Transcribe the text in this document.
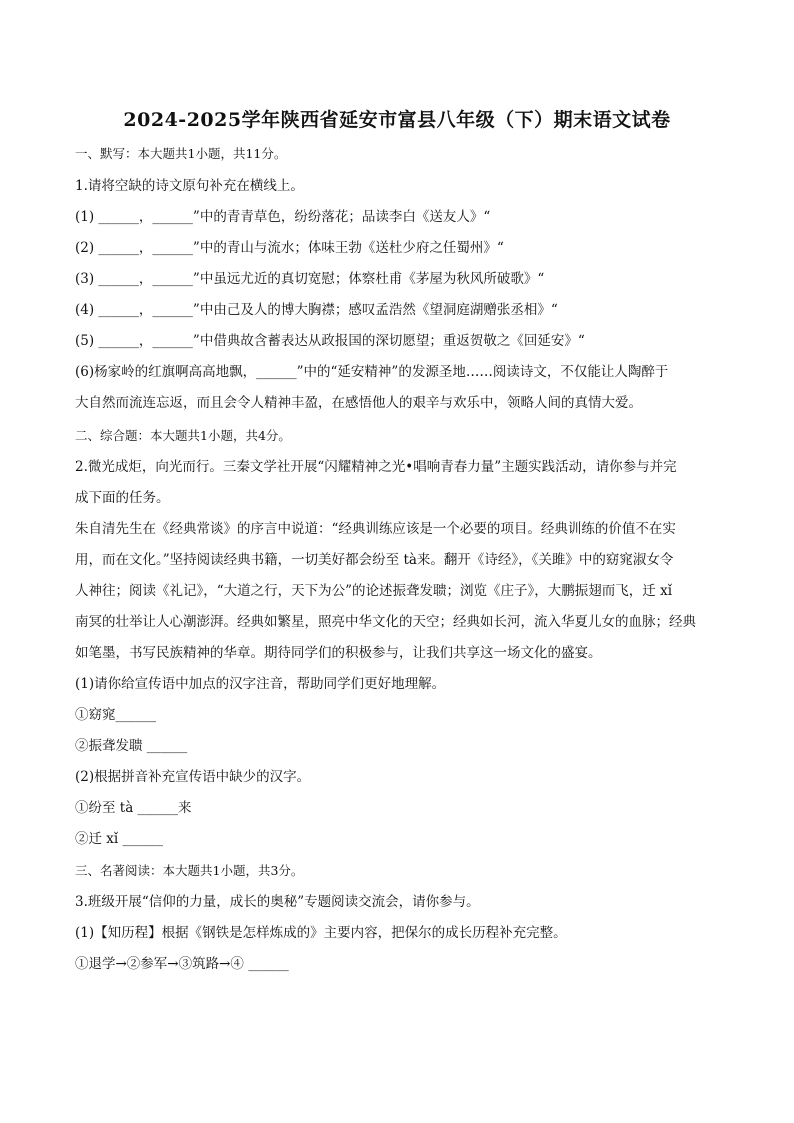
2024-2025学年陕西省延安市富县八年级（下）期末语文试卷
一、默写：本大题共1小题，共11分。
1.请将空缺的诗文原句补充在横线上。
(1) ______，______”中的青青草色，纷纷落花；品读李白《送友人》“
(2) ______，______”中的青山与流水；体味王勃《送杜少府之任蜀州》“
(3) ______，______”中虽远尤近的真切宽慰；体察杜甫《茅屋为秋风所破歌》“
(4) ______，______”中由己及人的博大胸襟；感叹孟浩然《望洞庭湖赠张丞相》“
(5) ______，______”中借典故含蓄表达从政报国的深切愿望；重返贺敬之《回延安》“
(6)杨家岭的红旗啊高高地飘，______”中的“延安精神”的发源圣地……阅读诗文，不仅能让人陶醉于
大自然而流连忘返，而且会令人精神丰盈，在感悟他人的艰辛与欢乐中，领略人间的真情大爱。
二、综合题：本大题共1小题，共4分。
2.微光成炬，向光而行。三秦文学社开展“闪耀精神之光•唱响青春力量”主题实践活动，请你参与并完
成下面的任务。
朱自清先生在《经典常谈》的序言中说道：“经典训练应该是一个必要的项目。经典训练的价值不在实
用，而在文化。”坚持阅读经典书籍，一切美好都会纷至 tà来。翻开《诗经》，《关雎》中的窈窕淑女令
人神往；阅读《礼记》，“大道之行，天下为公”的论述振聋发聩；浏览《庄子》，大鹏振翅而飞，迁 xǐ
南冥的壮举让人心潮澎湃。经典如繁星，照亮中华文化的天空；经典如长河，流入华夏儿女的血脉；经典
如笔墨，书写民族精神的华章。期待同学们的积极参与，让我们共享这一场文化的盛宴。
(1)请你给宣传语中加点的汉字注音，帮助同学们更好地理解。
①窈窕______
②振聋发聩 ______
(2)根据拼音补充宣传语中缺少的汉字。
①纷至 tà ______来
②迁 xǐ ______
三、名著阅读：本大题共1小题，共3分。
3.班级开展“信仰的力量，成长的奥秘”专题阅读交流会，请你参与。
(1)【知历程】根据《钢铁是怎样炼成的》主要内容，把保尔的成长历程补充完整。
①退学→②参军→③筑路→④ ______
